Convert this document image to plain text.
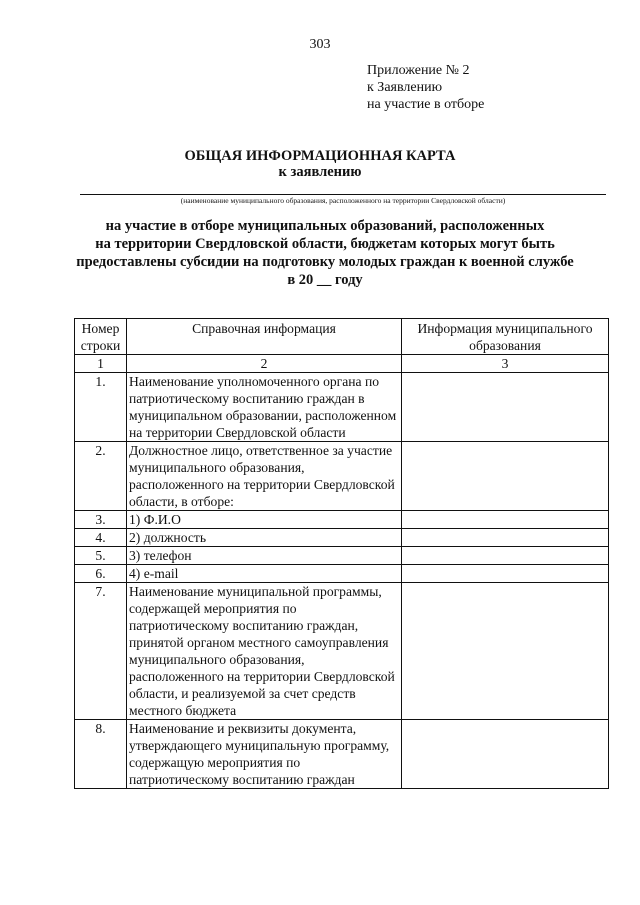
303
Приложение № 2
к Заявлению
на участие в отборе
ОБЩАЯ ИНФОРМАЦИОННАЯ КАРТА
к заявлению
(наименование муниципального образования, расположенного на территории Свердловской области)
на участие в отборе муниципальных образований, расположенных
на территории Свердловской области, бюджетам которых могут быть
предоставлены субсидии на подготовку молодых граждан к военной службе
в 20 __ году
Номер строки	Справочная информация	Информация муниципального образования
1	2	3
1.	Наименование уполномоченного органа по патриотическому воспитанию граждан в муниципальном образовании, расположенном на территории Свердловской области	
2.	Должностное лицо, ответственное за участие муниципального образования, расположенного на территории Свердловской области, в отборе:	
3.	1) Ф.И.О	
4.	2) должность	
5.	3) телефон	
6.	4) e-mail	
7.	Наименование муниципальной программы, содержащей мероприятия по патриотическому воспитанию граждан, принятой органом местного самоуправления муниципального образования, расположенного на территории Свердловской области, и реализуемой за счет средств местного бюджета	
8.	Наименование и реквизиты документа, утверждающего муниципальную программу, содержащую мероприятия по патриотическому воспитанию граждан	
